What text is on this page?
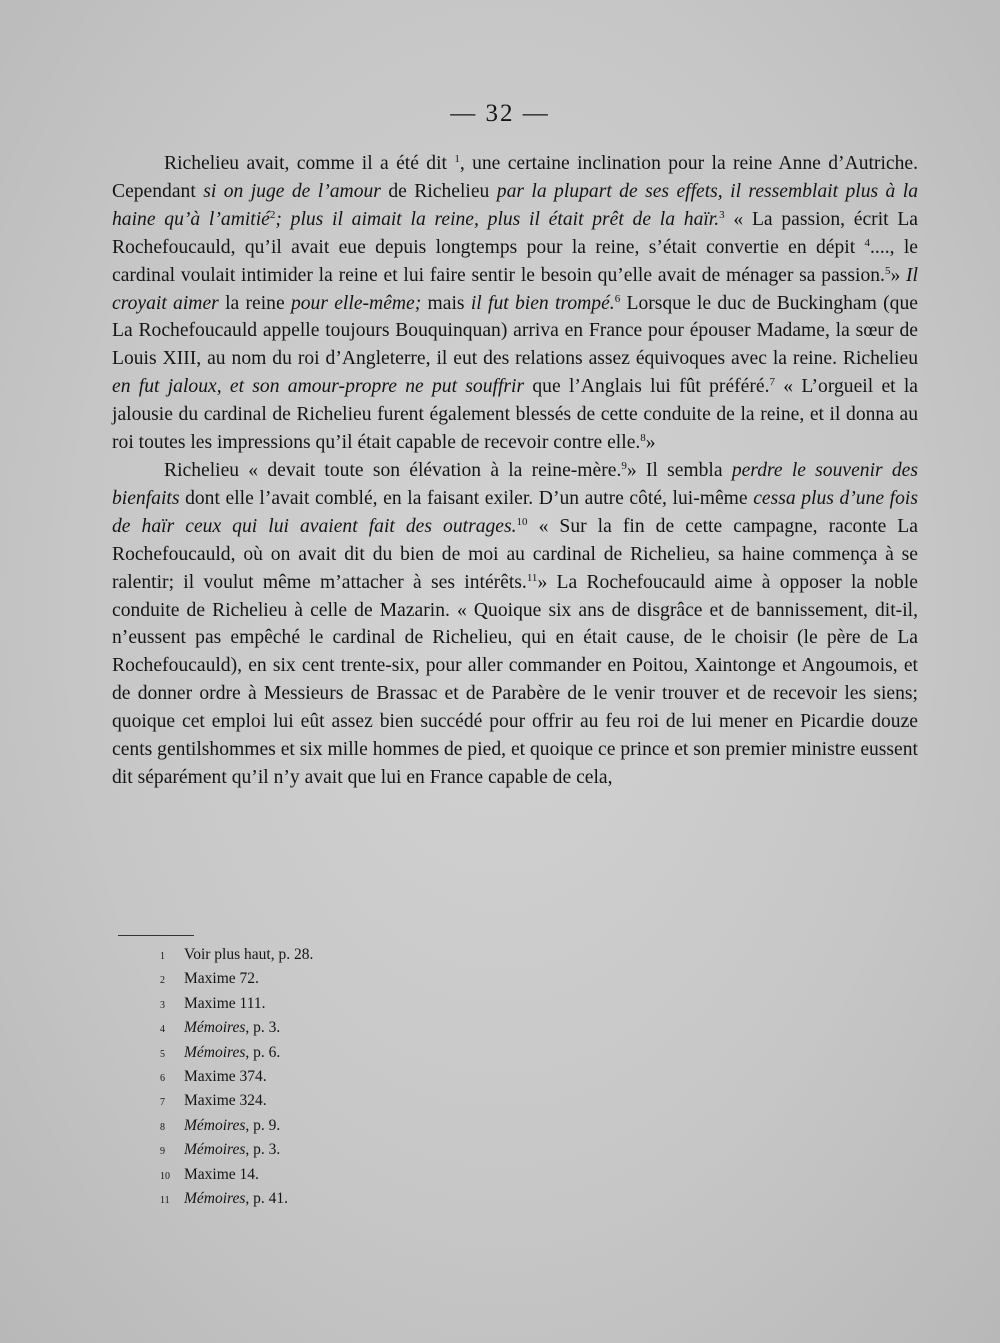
— 32 —

Richelieu avait, comme il a été dit $^1$, une certaine inclination pour la reine Anne d’Autriche. Cependant si on juge de l’amour de Richelieu par la plupart de ses effets, il ressemblait plus à la haine qu’à l’amitié$^2$; plus il aimait la reine, plus il était prêt de la haïr.$^3$ « La passion, écrit La Rochefoucauld, qu’il avait eue depuis longtemps pour la reine, s’était convertie en dépit $^4$...., le cardinal voulait intimider la reine et lui faire sentir le besoin qu’elle avait de ménager sa passion.$^5$» Il croyait aimer la reine pour elle-même; mais il fut bien trompé.$^6$ Lorsque le duc de Buckingham (que La Rochefoucauld appelle toujours Bouquinquan) arriva en France pour épouser Madame, la sœur de Louis XIII, au nom du roi d’Angleterre, il eut des relations assez équivoques avec la reine. Richelieu en fut jaloux, et son amour-propre ne put souffrir que l’Anglais lui fût préféré.$^7$ « L’orgueil et la jalousie du cardinal de Richelieu furent également blessés de cette conduite de la reine, et il donna au roi toutes les impressions qu’il était capable de recevoir contre elle.$^8$»

Richelieu « devait toute son élévation à la reine-mère.$^9$» Il sembla perdre le souvenir des bienfaits dont elle l’avait comblé, en la faisant exiler. D’un autre côté, lui-même cessa plus d’une fois de haïr ceux qui lui avaient fait des outrages.$^{10}$ « Sur la fin de cette campagne, raconte La Rochefoucauld, où on avait dit du bien de moi au cardinal de Richelieu, sa haine commença à se ralentir; il voulut même m’attacher à ses intérêts.$^{11}$» La Rochefoucauld aime à opposer la noble conduite de Richelieu à celle de Mazarin. « Quoique six ans de disgrâce et de bannissement, dit-il, n’eussent pas empêché le cardinal de Richelieu, qui en était cause, de le choisir (le père de La Rochefoucauld), en six cent trente-six, pour aller commander en Poitou, Xaintonge et Angoumois, et de donner ordre à Messieurs de Brassac et de Parabère de le venir trouver et de recevoir les siens; quoique cet emploi lui eût assez bien succédé pour offrir au feu roi de lui mener en Picardie douze cents gentilshommes et six mille hommes de pied, et quoique ce prince et son premier ministre eussent dit séparément qu’il n’y avait que lui en France capable de cela,

1	Voir plus haut, p. 28.
2	Maxime 72.
3	Maxime 111.
4	Mémoires, p. 3.
5	Mémoires, p. 6.
6	Maxime 374.
7	Maxime 324.
8	Mémoires, p. 9.
9	Mémoires, p. 3.
10 Maxime 14.
11 Mémoires, p. 41.
